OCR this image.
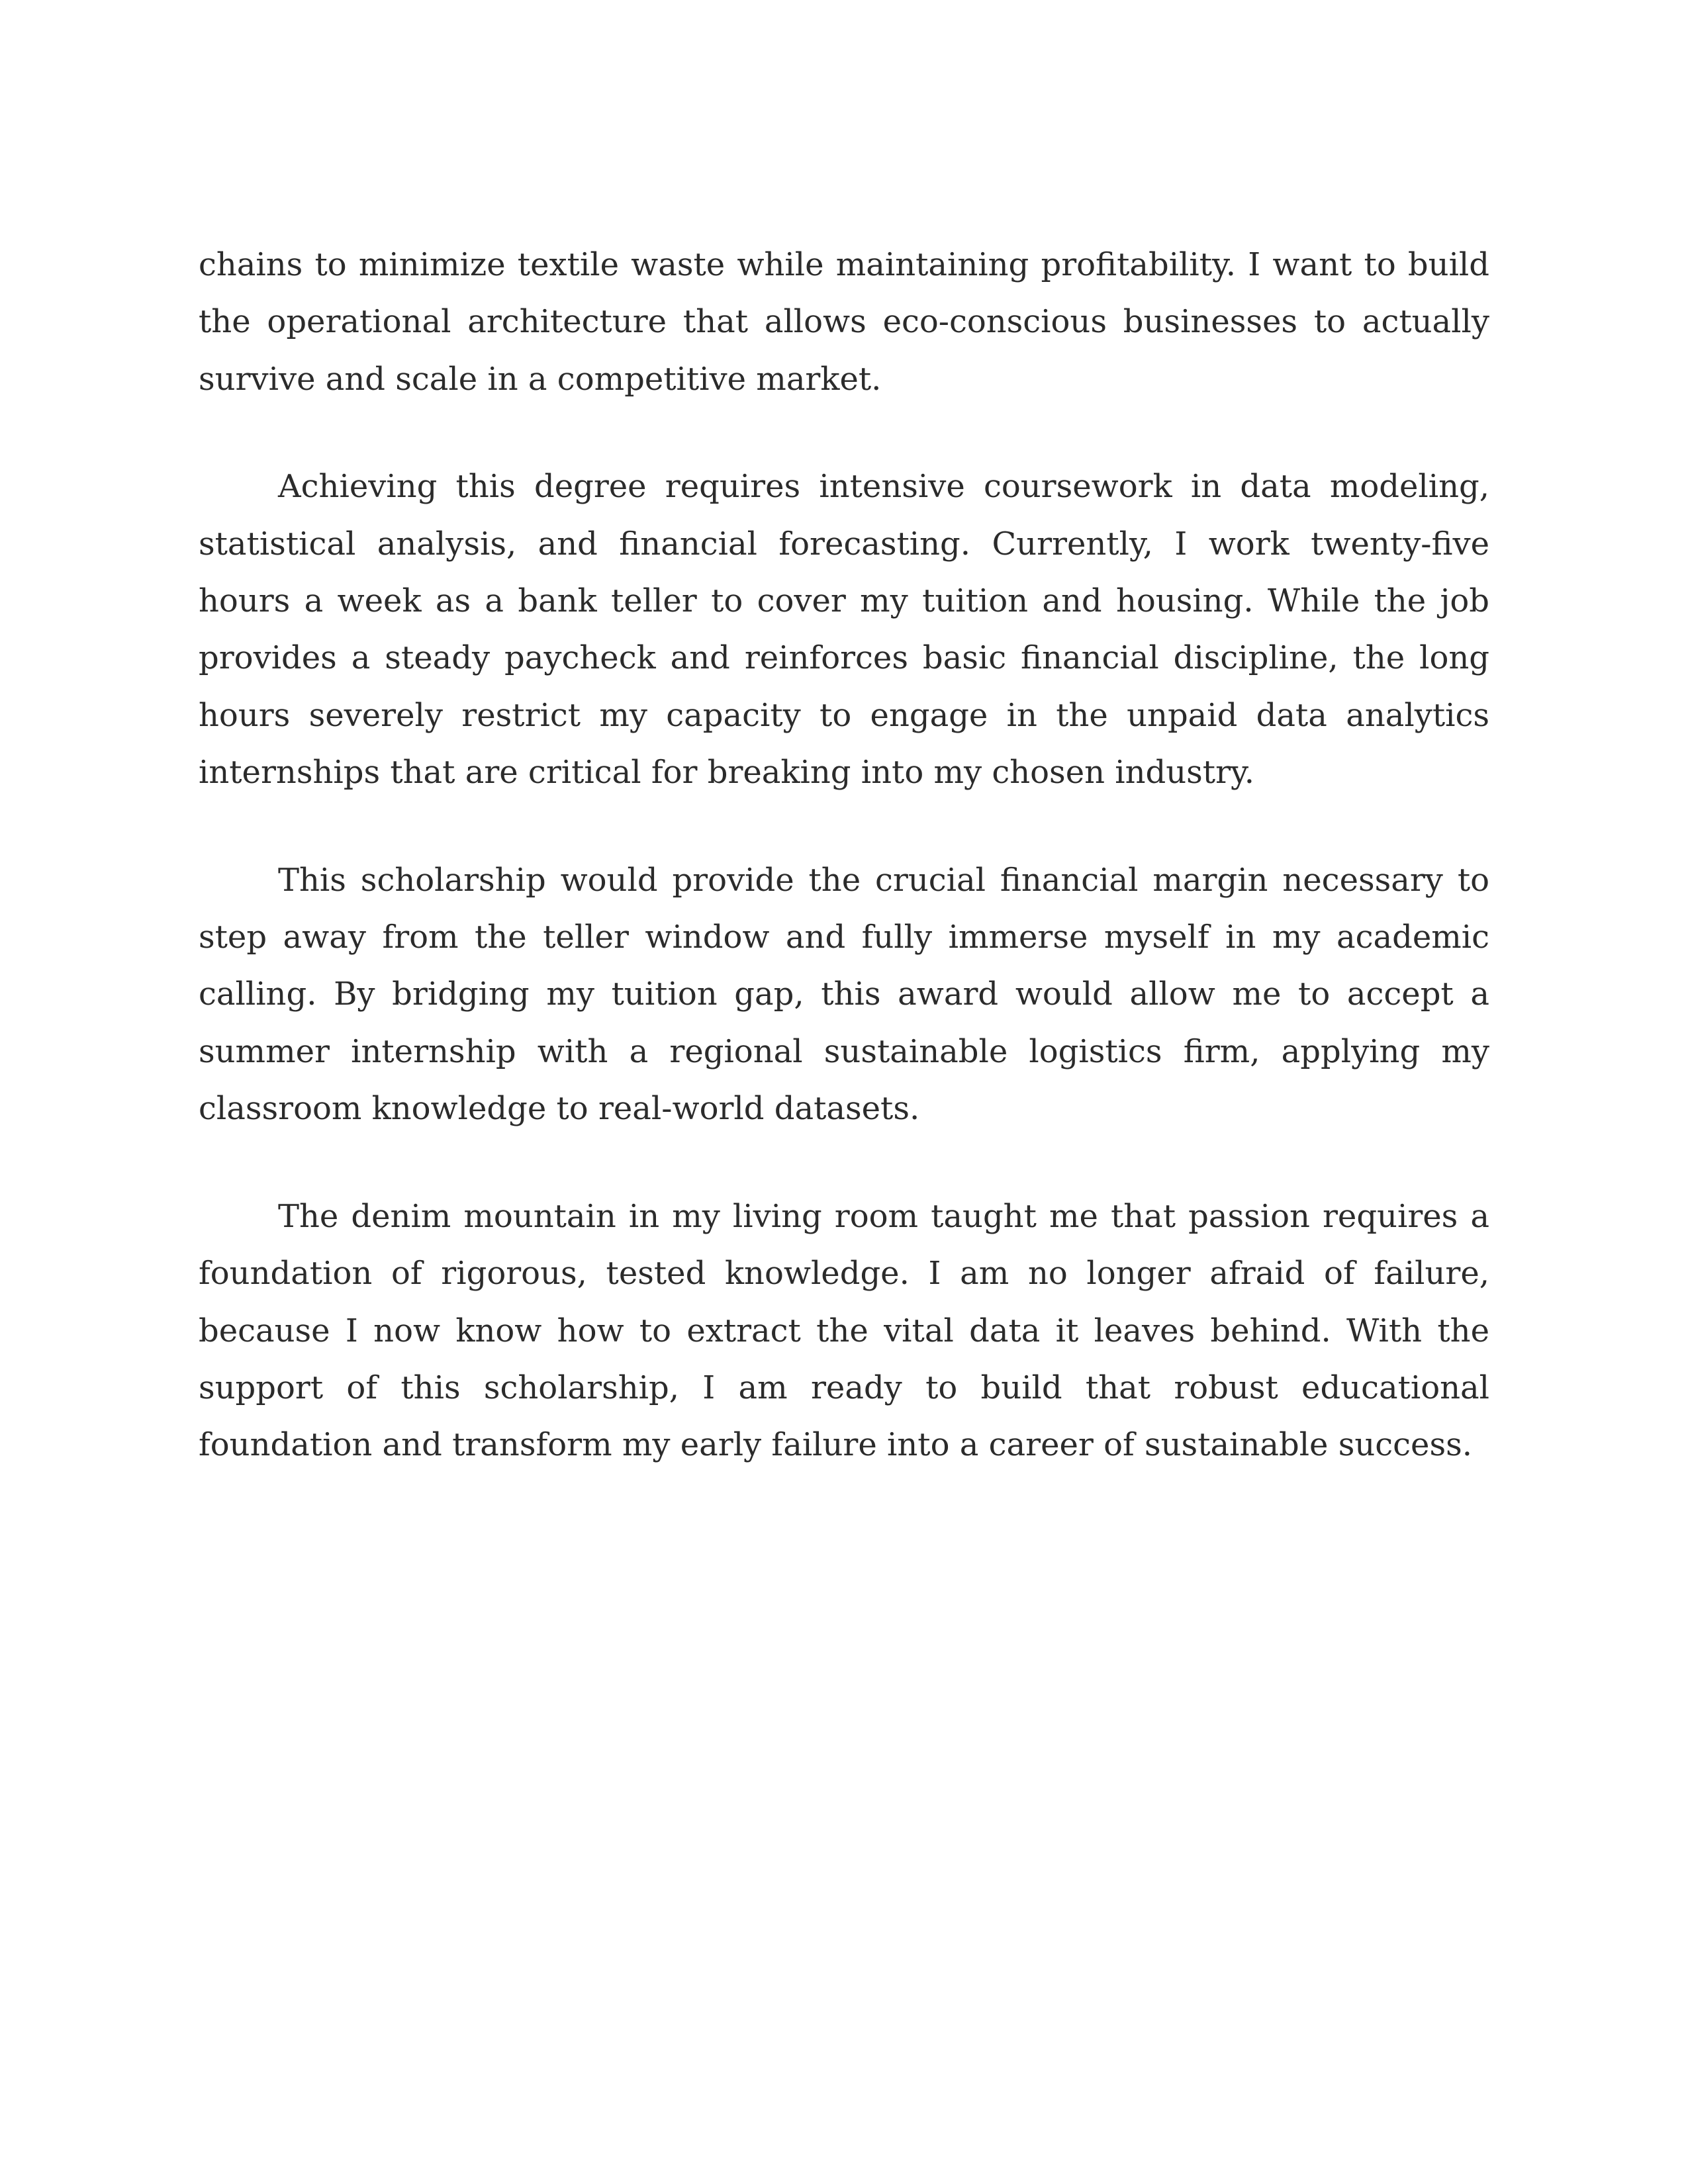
chains to minimize textile waste while maintaining profitability. I want to build the operational architecture that allows eco-conscious businesses to actually survive and scale in a competitive market.

Achieving this degree requires intensive coursework in data modeling, statistical analysis, and financial forecasting. Currently, I work twenty-five hours a week as a bank teller to cover my tuition and housing. While the job provides a steady paycheck and reinforces basic financial discipline, the long hours severely restrict my capacity to engage in the unpaid data analytics internships that are critical for breaking into my chosen industry.

This scholarship would provide the crucial financial margin necessary to step away from the teller window and fully immerse myself in my academic calling. By bridging my tuition gap, this award would allow me to accept a summer internship with a regional sustainable logistics firm, applying my classroom knowledge to real-world datasets.

The denim mountain in my living room taught me that passion requires a foundation of rigorous, tested knowledge. I am no longer afraid of failure, because I now know how to extract the vital data it leaves behind. With the support of this scholarship, I am ready to build that robust educational foundation and transform my early failure into a career of sustainable success.
